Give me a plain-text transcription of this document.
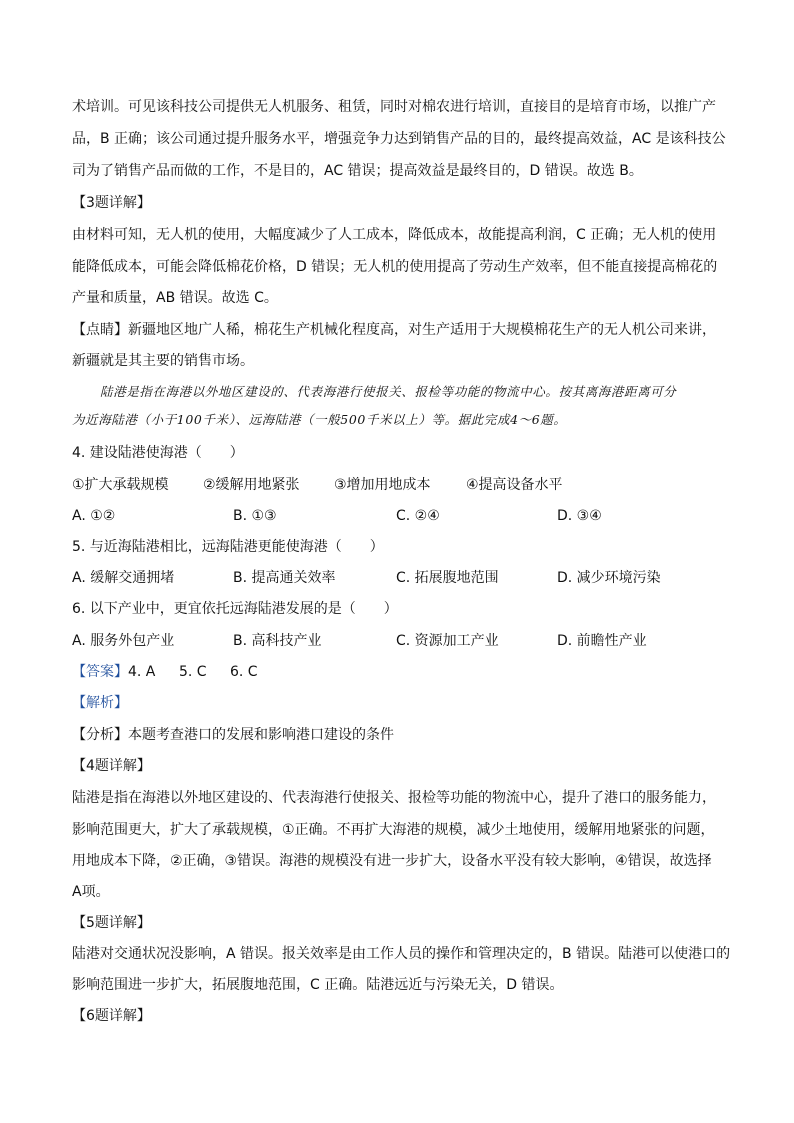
术培训。可见该科技公司提供无人机服务、租赁，同时对棉农进行培训，直接目的是培育市场，以推广产
品，B 正确；该公司通过提升服务水平，增强竞争力达到销售产品的目的，最终提高效益，AC 是该科技公
司为了销售产品而做的工作，不是目的，AC 错误；提高效益是最终目的，D 错误。故选 B。
【3题详解】
由材料可知，无人机的使用，大幅度减少了人工成本，降低成本，故能提高利润，C 正确；无人机的使用
能降低成本，可能会降低棉花价格，D 错误；无人机的使用提高了劳动生产效率，但不能直接提高棉花的
产量和质量，AB 错误。故选 C。
【点睛】新疆地区地广人稀，棉花生产机械化程度高，对生产适用于大规模棉花生产的无人机公司来讲，
新疆就是其主要的销售市场。
陆港是指在海港以外地区建设的、代表海港行使报关、报检等功能的物流中心。按其离海港距离可分
为近海陆港（小于100千米）、远海陆港（一般500千米以上）等。据此完成4～6题。
4. 建设陆港使海港（　　）
①扩大承载规模 ②缓解用地紧张 ③增加用地成本	④提高设备水平
A. ①②	B. ①③	C. ②④	D. ③④
5. 与近海陆港相比，远海陆港更能使海港（　　）
A. 缓解交通拥堵	B. 提高通关效率	C. 拓展腹地范围	D. 减少环境污染
6. 以下产业中，更宜依托远海陆港发展的是（　　）
A. 服务外包产业	B. 高科技产业	C. 资源加工产业	D. 前瞻性产业
【答案】 4. A 5. C 6. C
【解析】
【分析】本题考查港口的发展和影响港口建设的条件
【4题详解】
陆港是指在海港以外地区建设的、代表海港行使报关、报检等功能的物流中心，提升了港口的服务能力，
影响范围更大，扩大了承载规模，①正确。不再扩大海港的规模，减少土地使用，缓解用地紧张的问题，
用地成本下降，②正确，③错误。海港的规模没有进一步扩大，设备水平没有较大影响，④错误，故选择
A项。
【5题详解】
陆港对交通状况没影响，A 错误。报关效率是由工作人员的操作和管理决定的，B 错误。陆港可以使港口的
影响范围进一步扩大，拓展腹地范围，C 正确。陆港远近与污染无关，D 错误。
【6题详解】
